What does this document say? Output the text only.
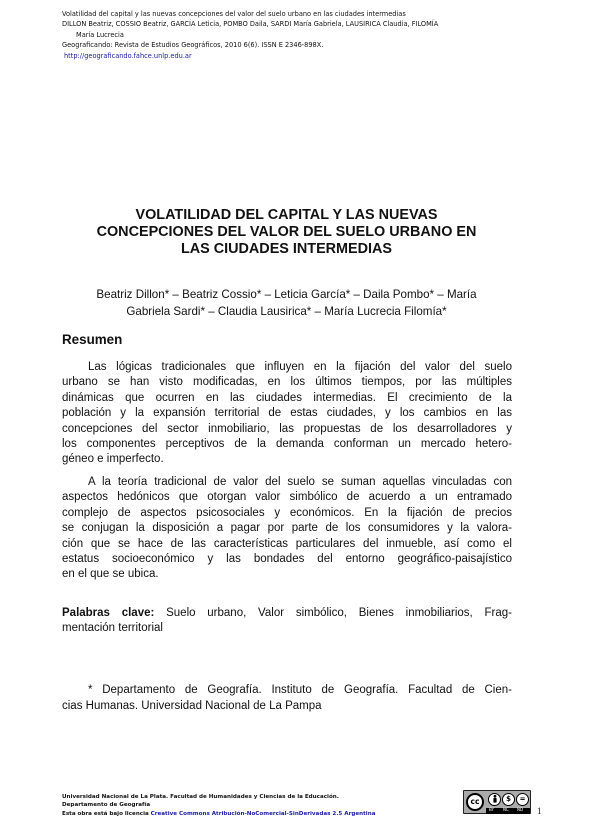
Volatilidad del capital y las nuevas concepciones del valor del suelo urbano en las ciudades intermedias
DILLON Beatriz, COSSIO Beatriz, GARCÍA Leticia, POMBO Daila, SARDI María Gabriela, LAUSIRICA Claudia, FILOMÍA
María Lucrecia
Geograficando: Revista de Estudios Geográficos, 2010 6(6). ISSN E 2346-898X.
http://geograficando.fahce.unlp.edu.ar
VOLATILIDAD DEL CAPITAL Y LAS NUEVAS
CONCEPCIONES DEL VALOR DEL SUELO URBANO EN
LAS CIUDADES INTERMEDIAS
Beatriz Dillon* – Beatriz Cossio* – Leticia García* – Daila Pombo* – María
Gabriela Sardi* – Claudia Lausirica* – María Lucrecia Filomía*
Resumen
Las lógicas tradicionales que influyen en la fijación del valor del suelo
urbano se han visto modificadas, en los últimos tiempos, por las múltiples
dinámicas que ocurren en las ciudades intermedias. El crecimiento de la
población y la expansión territorial de estas ciudades, y los cambios en las
concepciones del sector inmobiliario, las propuestas de los desarrolladores y
los componentes perceptivos de la demanda conforman un mercado hetero-
géneo e imperfecto.
A la teoría tradicional de valor del suelo se suman aquellas vinculadas con
aspectos hedónicos que otorgan valor simbólico de acuerdo a un entramado
complejo de aspectos psicosociales y económicos. En la fijación de precios
se conjugan la disposición a pagar por parte de los consumidores y la valora-
ción que se hace de las características particulares del inmueble, así como el
estatus socioeconómico y las bondades del entorno geográfico-paisajístico
en el que se ubica.
Palabras clave: Suelo urbano, Valor simbólico, Bienes inmobiliarios, Frag-
mentación territorial
* Departamento de Geografía. Instituto de Geografía. Facultad de Cien-
cias Humanas. Universidad Nacional de La Pampa
Universidad Nacional de La Plata. Facultad de Humanidades y Ciencias de la Educación.
Departamento de Geografía
Esta obra está bajo licencia Creative Commons Atribución-NoComercial-SinDerivadas 2.5 Argentina
cc	$	=
BY NC ND 1
